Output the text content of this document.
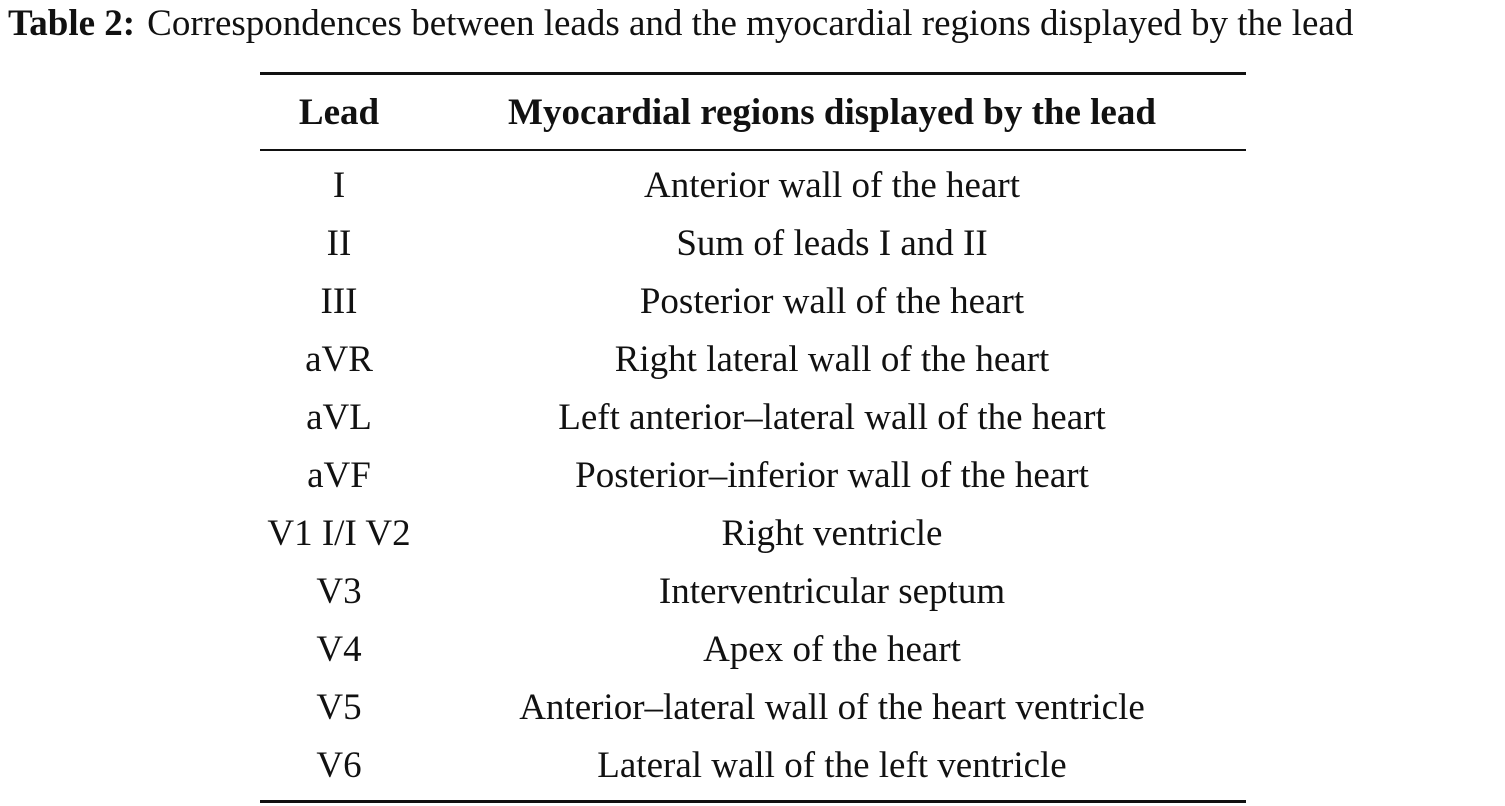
Table 2: Correspondences between leads and the myocardial regions displayed by the lead
Lead	Myocardial regions displayed by the lead
I	Anterior wall of the heart
II	Sum of leads I and II
III	Posterior wall of the heart
aVR	Right lateral wall of the heart
aVL	Left anterior–lateral wall of the heart
aVF	Posterior–inferior wall of the heart
V1 I/I V2	Right ventricle
V3	Interventricular septum
V4	Apex of the heart
V5	Anterior–lateral wall of the heart ventricle
V6	Lateral wall of the left ventricle
